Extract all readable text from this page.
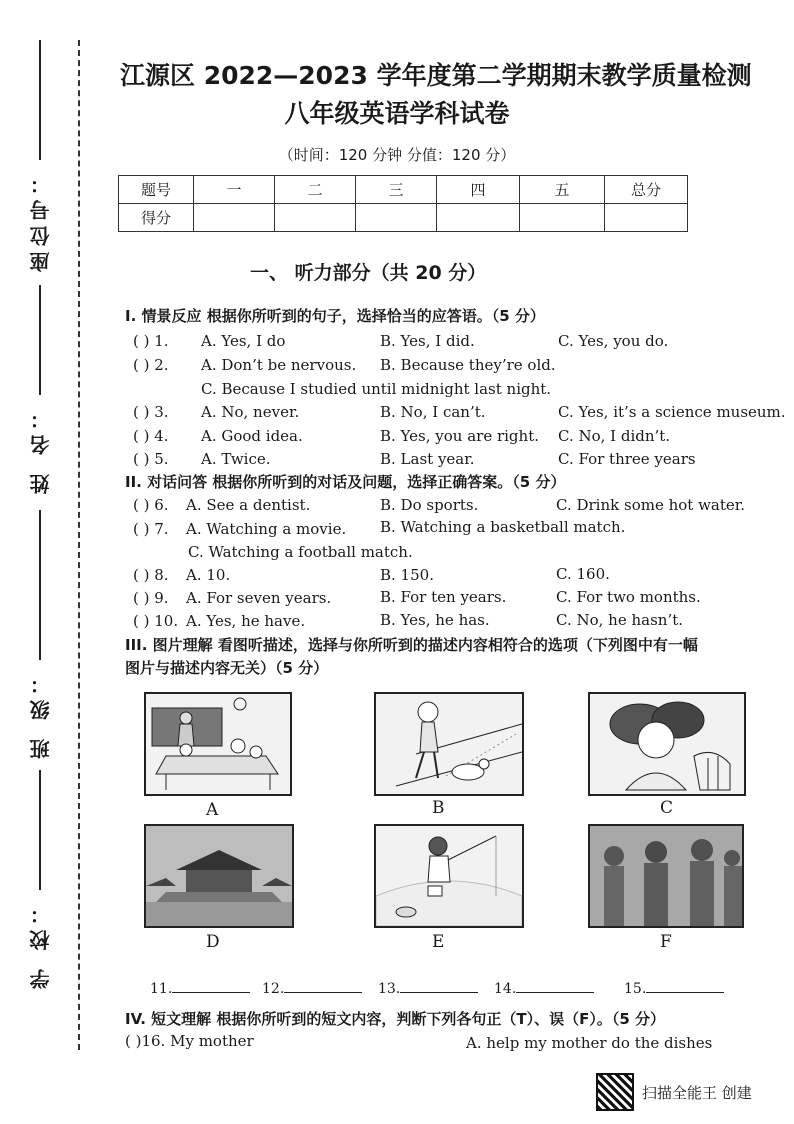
座位号：
姓 名：
班 级：
学 校：
江源区 2022—2023 学年度第二学期期末教学质量检测
八年级英语学科试卷
（时间：120 分钟 分值：120 分）
题号	一	二	三	四	五	总分
得分						
一、 听力部分（共 20 分）
I. 情景反应 根据你所听到的句子，选择恰当的应答语。（5 分）
( ) 1. A. Yes, I do	B. Yes, I did.	C. Yes, you do.
( ) 2. A. Don’t be nervous. B. Because they’re old.
C. Because I studied until midnight last night.
( ) 3. A. No, never.	B. No, I can’t.	C. Yes, it’s a science museum.
( ) 4. A. Good idea.	B. Yes, you are right. C. No, I didn’t.
( ) 5. A. Twice.	B. Last year.	C. For three years
II. 对话问答 根据你所听到的对话及问题，选择正确答案。（5 分）
( ) 6. A. See a dentist.	B. Do sports.	C. Drink some hot water.
( ) 7. A. Watching a movie. B. Watching a basketball match.
C. Watching a football match.
( ) 8. A. 10.	B. 150.	C. 160.
( ) 9. A. For seven years.	B. For ten years.	C. For two months.
( ) 10. A. Yes, he have.	B. Yes, he has.	C. No, he hasn’t.
III. 图片理解 看图听描述，选择与你所听到的描述内容相符合的选项（下列图中有一幅
图片与描述内容无关）（5 分）
A	B	C
D	E	F
11.	12.	13.	14.	15.
IV. 短文理解 根据你所听到的短文内容，判断下列各句正（T）、误（F）。（5 分）
( )16. My mother	A. help my mother do the dishes
扫描全能王 创建
